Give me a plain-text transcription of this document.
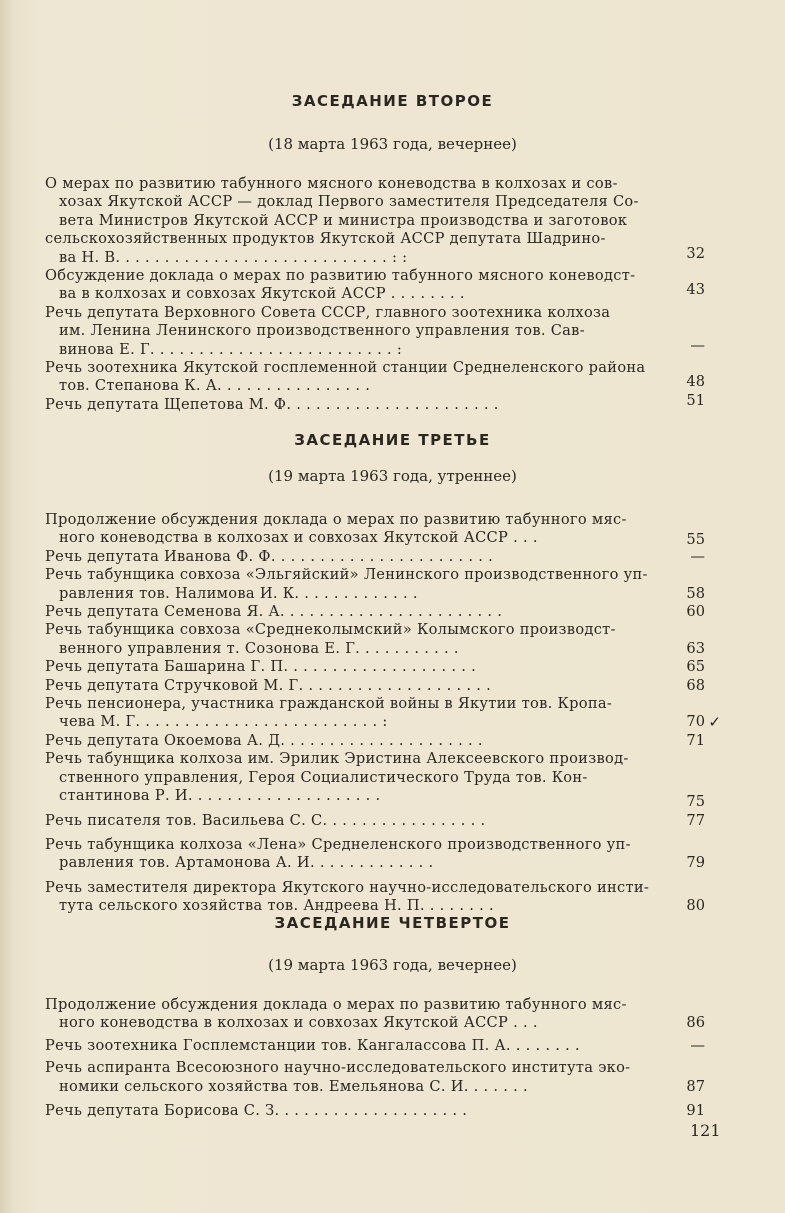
ЗАСЕДАНИЕ ВТОРОЕ
(18 марта 1963 года, вечернее)
О мерах по развитию табунного мясного коневодства в колхозах и сов-
хозах Якутской АССР — доклад Первого заместителя Председателя Со-
вета Министров Якутской АССР и министра производства и заготовок
сельскохозяйственных продуктов Якутской АССР депутата Шадрино-
ва Н. В. . . . . . . . . . . . . . . . . . . . . . . . . . . . : :	32
Обсуждение доклада о мерах по развитию табунного мясного коневодст-
ва в колхозах и совхозах Якутской АССР . . . . . . . .	43
Речь депутата Верховного Совета СССР, главного зоотехника колхоза
им. Ленина Ленинского производственного управления тов. Сав-
винова Е. Г. . . . . . . . . . . . . . . . . . . . . . . . . :	—
Речь зоотехника Якутской госплеменной станции Среднеленского района
тов. Степанова К. А. . . . . . . . . . . . . . . .	48
Речь депутата Щепетова М. Ф. . . . . . . . . . . . . . . . . . . . . .	51
ЗАСЕДАНИЕ ТРЕТЬЕ
(19 марта 1963 года, утреннее)
Продолжение обсуждения доклада о мерах по развитию табунного мяс-
ного коневодства в колхозах и совхозах Якутской АССР . . .	55
Речь депутата Иванова Ф. Ф. . . . . . . . . . . . . . . . . . . . . . .	—
Речь табунщика совхоза «Эльгяйский» Ленинского производственного уп-
равления тов. Налимова И. К. . . . . . . . . . . . .	58
Речь депутата Семенова Я. А. . . . . . . . . . . . . . . . . . . . . . .	60
Речь табунщика совхоза «Среднеколымский» Колымского производст-
венного управления т. Созонова Е. Г. . . . . . . . . . .	63
Речь депутата Башарина Г. П. . . . . . . . . . . . . . . . . . . .	65
Речь депутата Стручковой М. Г. . . . . . . . . . . . . . . . . . . .	68
Речь пенсионера, участника гражданской войны в Якутии тов. Кропа-
чева М. Г. . . . . . . . . . . . . . . . . . . . . . . . . :	70 ✓
Речь депутата Окоемова А. Д. . . . . . . . . . . . . . . . . . . . .	71
Речь табунщика колхоза им. Эрилик Эристина Алексеевского производ-
ственного управления, Героя Социалистического Труда тов. Кон-
стантинова Р. И. . . . . . . . . . . . . . . . . . . .	75
Речь писателя тов. Васильева С. С. . . . . . . . . . . . . . . . .	77
Речь табунщика колхоза «Лена» Среднеленского производственного уп-
равления тов. Артамонова А. И. . . . . . . . . . . . .	79
Речь заместителя директора Якутского научно-исследовательского инсти-
тута сельского хозяйства тов. Андреева Н. П. . . . . . . .	80
ЗАСЕДАНИЕ ЧЕТВЕРТОЕ
(19 марта 1963 года, вечернее)
Продолжение обсуждения доклада о мерах по развитию табунного мяс-
ного коневодства в колхозах и совхозах Якутской АССР . . .	86
Речь зоотехника Госплемстанции тов. Кангалассова П. А. . . . . . . .	—
Речь аспиранта Всесоюзного научно-исследовательского института эко-
номики сельского хозяйства тов. Емельянова С. И. . . . . . .	87
Речь депутата Борисова С. З. . . . . . . . . . . . . . . . . . . .	91
121
